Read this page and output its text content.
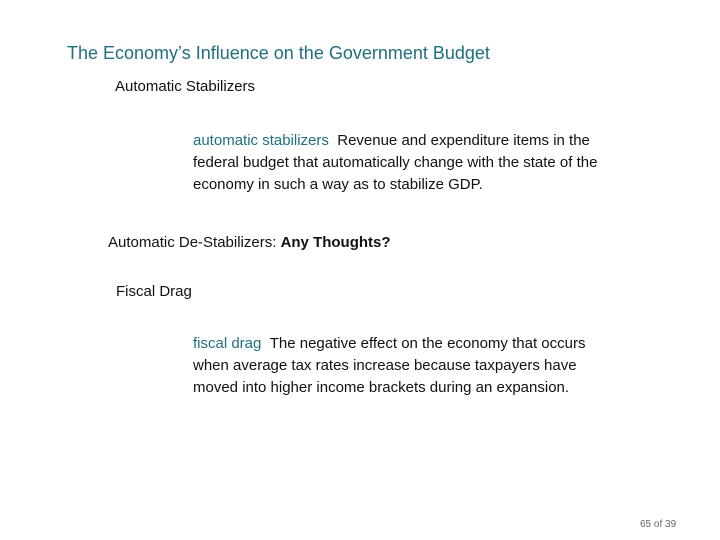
The Economy’s Influence on the Government Budget
Automatic Stabilizers
automatic stabilizers Revenue and expenditure items in the federal budget that automatically change with the state of the economy in such a way as to stabilize GDP.
Automatic De-Stabilizers: Any Thoughts?
Fiscal Drag
fiscal drag The negative effect on the economy that occurs when average tax rates increase because taxpayers have moved into higher income brackets during an expansion.
65 of 39
